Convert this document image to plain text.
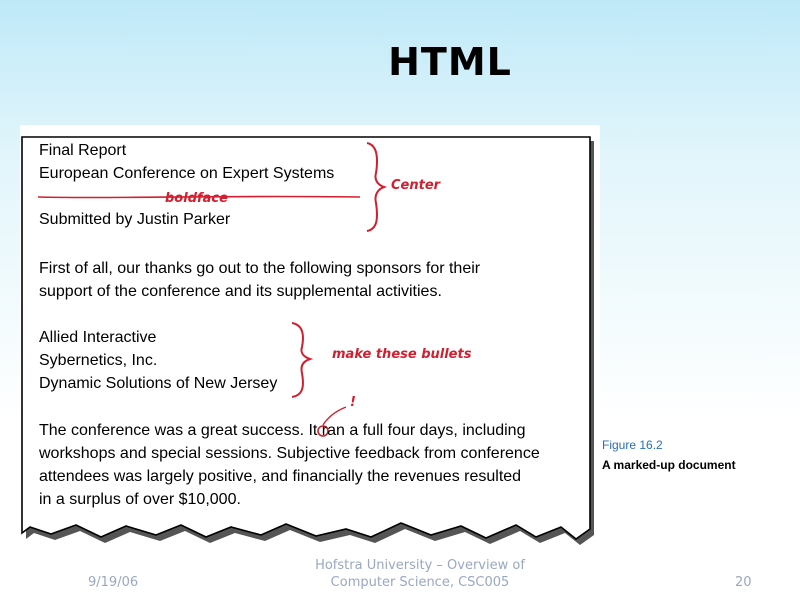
HTML
Final Report
European Conference on Expert Systems
Submitted by Justin Parker
First of all, our thanks go out to the following sponsors for their
support of the conference and its supplemental activities.
Allied Interactive
Sybernetics, Inc.
Dynamic Solutions of New Jersey
The conference was a great success. It ran a full four days, including
workshops and special sessions. Subjective feedback from conference
attendees was largely positive, and financially the revenues resulted
in a surplus of over $10,000.
boldface
Center
make these bullets
!
Figure 16.2
A marked-up document
9/19/06
Hofstra University – Overview of
Computer Science, CSC005	20
